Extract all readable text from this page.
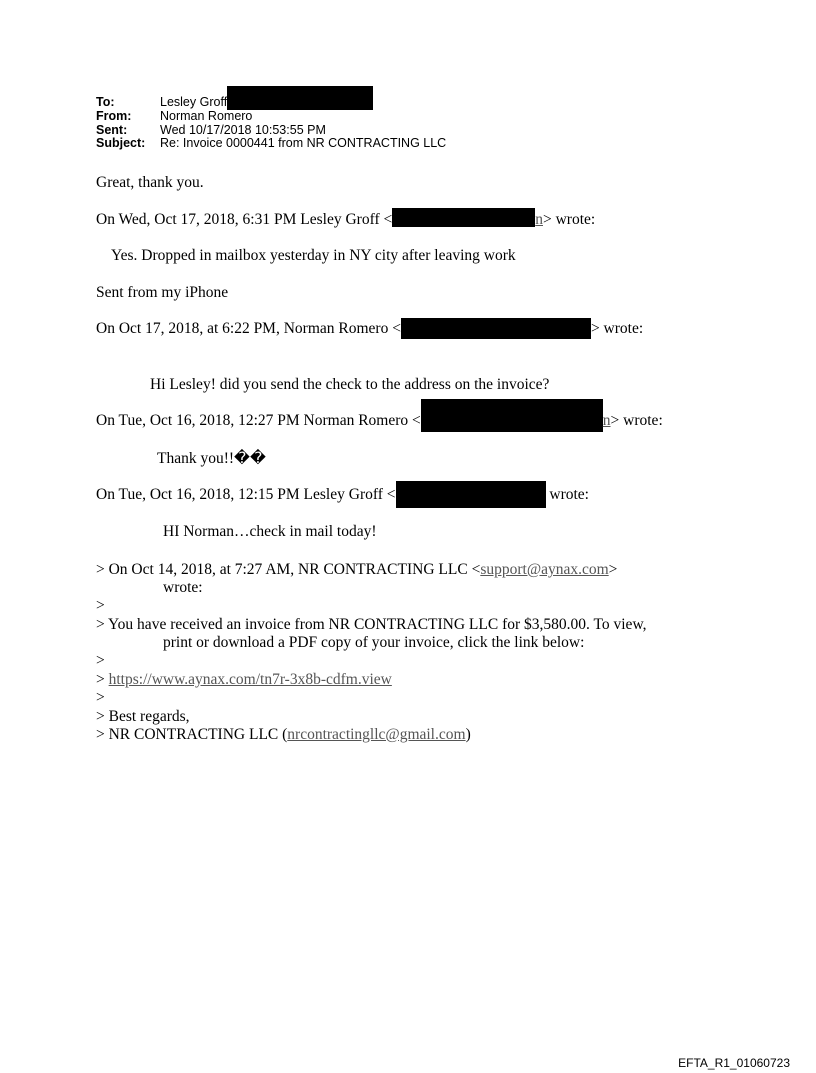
To:	Lesley Groff
From:	Norman Romero
Sent:	Wed 10/17/2018 10:53:55 PM
Subject:	Re: Invoice 0000441 from NR CONTRACTING LLC
Great, thank you.
On Wed, Oct 17, 2018, 6:31 PM Lesley Groff <	n> wrote:
Yes. Dropped in mailbox yesterday in NY city after leaving work
Sent from my iPhone
On Oct 17, 2018, at 6:22 PM, Norman Romero <	> wrote:
Hi Lesley! did you send the check to the address on the invoice?
On Tue, Oct 16, 2018, 12:27 PM Norman Romero <	n> wrote:
Thank you!!��
On Tue, Oct 16, 2018, 12:15 PM Lesley Groff <	wrote:
HI Norman…check in mail today!
> On Oct 14, 2018, at 7:27 AM, NR CONTRACTING LLC <support@aynax.com>
wrote:
>
> You have received an invoice from NR CONTRACTING LLC for $3,580.00. To view,
print or download a PDF copy of your invoice, click the link below:
>
> https://www.aynax.com/tn7r-3x8b-cdfm.view
>
> Best regards,
> NR CONTRACTING LLC (nrcontractingllc@gmail.com)
EFTA_R1_01060723
